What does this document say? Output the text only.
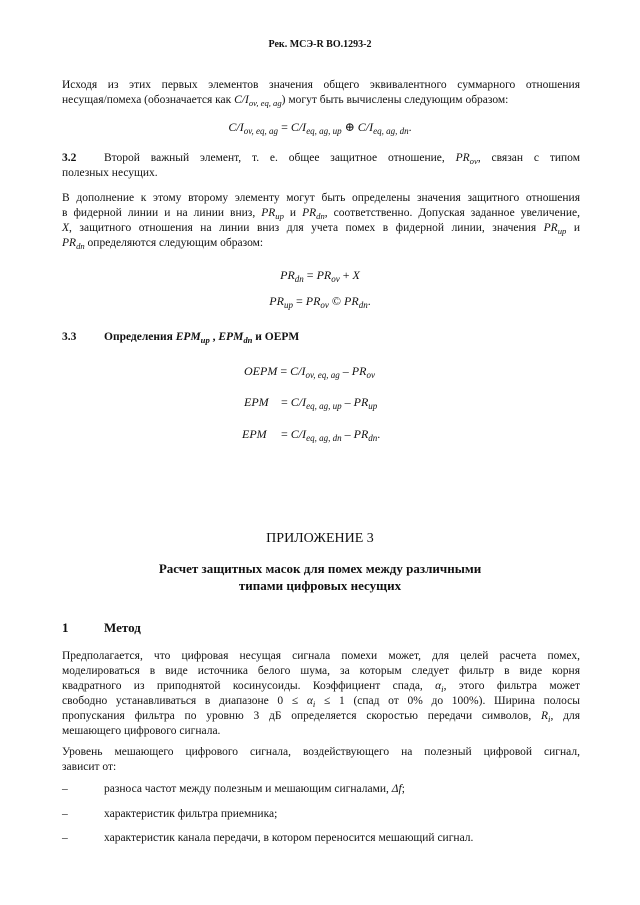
Рек. МСЭ-R BO.1293-2
Исходя из этих первых элементов значения общего эквивалентного суммарного отношения
несущая/помеха (обозначается как $C/I_{ov, eq, ag}$) могут быть вычислены следующим образом:
$C/I_{ov, eq, ag} = C/I_{eq, ag, up}$ ⊕ $C/I_{eq, ag, dn}$.
3.2 Второй важный элемент, т. е. общее защитное отношение, $PR_{ov}$, связан с типом
полезных несущих.
В дополнение к этому второму элементу могут быть определены значения защитного отношения
в фидерной линии и на линии вниз, $PR_{up}$ и $PR_{dn}$, соответственно. Допуская заданное увеличение,
X, защитного отношения на линии вниз для учета помех в фидерной линии, значения $PR_{up}$ и
$PR_{dn}$ определяются следующим образом:
$PR_{dn} = PR_{ov} + X$
$PR_{up} = PR_{ov}$ © $PR_{dn}$.
3.3 Определения $EPM_{up}$ , $EPM_{dn}$ и OEPM
OEPM = $C/I_{ov, eq, ag} - PR_{ov}$
EPM = $C/I_{eq, ag, up} - PR_{up}$
EPM = $C/I_{eq, ag, dn} - PR_{dn}$.
ПРИЛОЖЕНИЕ 3
Расчет защитных масок для помех между различными
типами цифровых несущих
1	Метод
Предполагается, что цифровая несущая сигнала помехи может, для целей расчета помех,
моделироваться в виде источника белого шума, за которым следует фильтр в виде корня
квадратного из приподнятой косинусоиды. Коэффициент спада, $\alpha_i$, этого фильтра может
свободно устанавливаться в диапазоне $0 \le \alpha_i \le 1$ (спад от 0% до 100%). Ширина полосы
пропускания фильтра по уровню 3 дБ определяется скоростью передачи символов, $R_i$, для
мешающего цифрового сигнала.
Уровень мешающего цифрового сигнала, воздействующего на полезный цифровой сигнал,
зависит от:
–	разноса частот между полезным и мешающим сигналами, Δf;
–	характеристик фильтра приемника;
–	характеристик канала передачи, в котором переносится мешающий сигнал.
